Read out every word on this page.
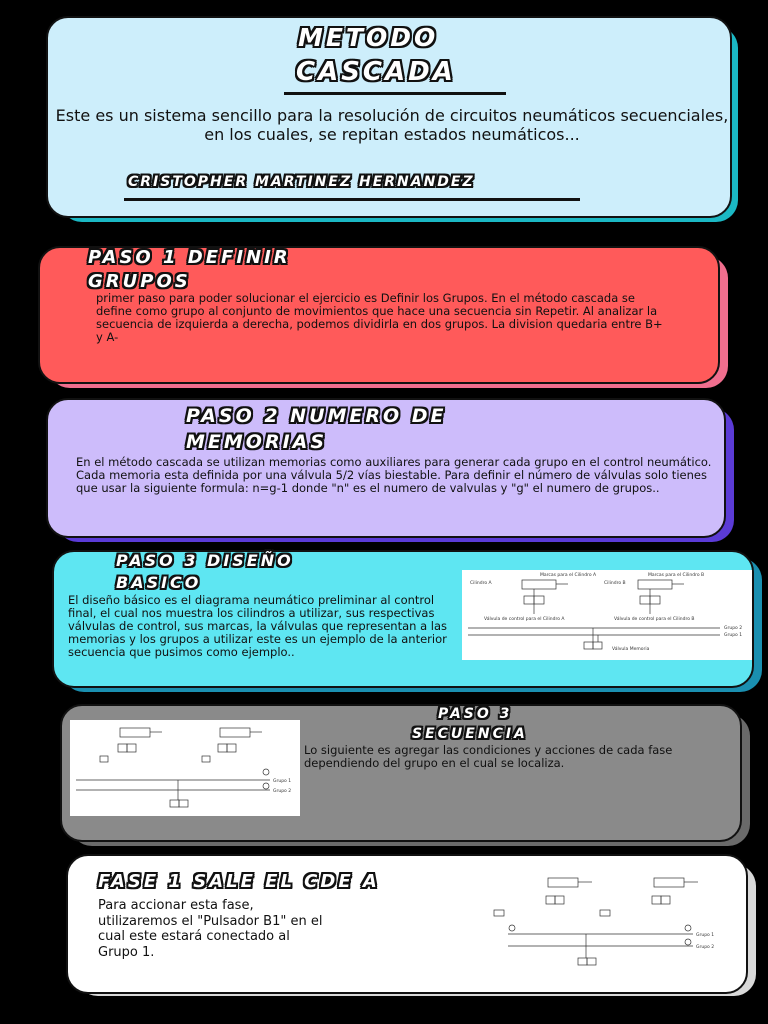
METODO
CASCADA

Este es un sistema sencillo para la resolución de circuitos neumáticos secuenciales, en los cuales, se repitan estados neumáticos...

CRISTOPHER MARTINEZ HERNANDEZ
PASO 1 DEFINIR
GRUPOS

primer paso para poder solucionar el ejercicio es Definir los Grupos. En el método cascada se define como grupo al conjunto de movimientos que hace una secuencia sin Repetir. Al analizar la secuencia de izquierda a derecha, podemos dividirla en dos grupos. La division quedaria entre B+ y A-

PASO 2 NUMERO DE
MEMORIAS

En el método cascada se utilizan memorias como auxiliares para generar cada grupo en el control neumático. Cada memoria esta definida por una válvula 5/2 vías biestable. Para definir el número de válvulas solo tienes que usar la siguiente formula: n=g-1 donde "n" es el numero de valvulas y "g" el numero de grupos..

PASO 3 DISEÑO
BASICO

El diseño básico es el diagrama neumático preliminar al control final, el cual nos muestra los cilindros a utilizar, sus respectivas válvulas de control, sus marcas, la válvulas que representan a las memorias y los grupos a utilizar este es un ejemplo de la anterior secuencia que pusimos como ejemplo..

Marcas para el Cilindro A	Marcas para el Cilindro B
Cilindro A	Cilindro B
Válvula de control para el Cilindro A	Válvula de control para el Cilindro B
Grupo 2
Grupo 1
Válvula Memoria
Grupo 1
Grupo 2
PASO 3
SECUENCIA

Lo siguiente es agregar las condiciones y acciones de cada fase dependiendo del grupo en el cual se localiza.

FASE 1 SALE EL CDE A

Para accionar esta fase, utilizaremos el "Pulsador B1" en el cual este estará conectado al Grupo 1.

Grupo 1
Grupo 2
